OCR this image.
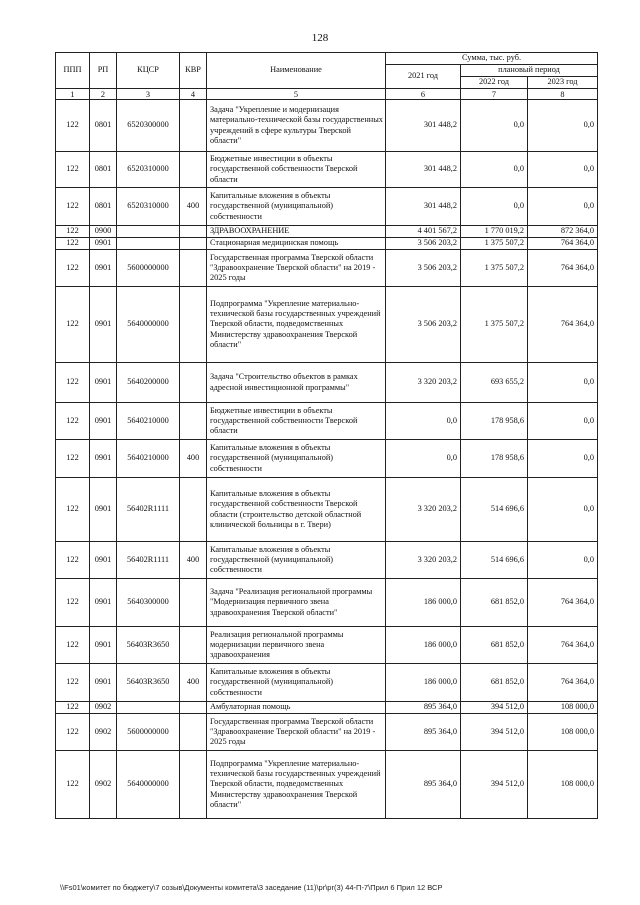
128
ППП	РП	КЦСР	КВР	Наименование	Сумма, тыс. руб.		
					2021 год	плановый период	
						2022 год	2023 год
1	2	3	4	5	6	7	8
122	0801	6520300000		Задача "Укрепление и модернизация материально-технической базы государственных учреждений в сфере культуры Тверской области"	301 448,2	0,0	0,0
122	0801	6520310000		Бюджетные инвестиции в объекты государственной собственности Тверской области	301 448,2	0,0	0,0
122	0801	6520310000	400	Капитальные вложения в объекты государственной (муниципальной) собственности	301 448,2	0,0	0,0
122	0900			ЗДРАВООХРАНЕНИЕ	4 401 567,2	1 770 019,2	872 364,0
122	0901			Стационарная медицинская помощь	3 506 203,2	1 375 507,2	764 364,0
122	0901	5600000000		Государственная программа Тверской области "Здравоохранение Тверской области" на 2019 - 2025 годы	3 506 203,2	1 375 507,2	764 364,0
122	0901	5640000000		Подпрограмма "Укрепление материально-технической базы государственных учреждений Тверской области, подведомственных Министерству здравоохранения Тверской области"	3 506 203,2	1 375 507,2	764 364,0
122	0901	5640200000		Задача "Строительство объектов в рамках адресной инвестиционной программы"	3 320 203,2	693 655,2	0,0
122	0901	5640210000		Бюджетные инвестиции в объекты государственной собственности Тверской области	0,0	178 958,6	0,0
122	0901	5640210000	400	Капитальные вложения в объекты государственной (муниципальной) собственности	0,0	178 958,6	0,0
122	0901	56402R1111		Капитальные вложения в объекты государственной собственности Тверской области (строительство детской областной клинической больницы в г. Твери)	3 320 203,2	514 696,6	0,0
122	0901	56402R1111	400	Капитальные вложения в объекты государственной (муниципальной) собственности	3 320 203,2	514 696,6	0,0
122	0901	5640300000		Задача "Реализация региональной программы "Модернизация первичного звена здравоохранения Тверской области"	186 000,0	681 852,0	764 364,0
122	0901	56403R3650		Реализация региональной программы модернизации первичного звена здравоохранения	186 000,0	681 852,0	764 364,0
122	0901	56403R3650	400	Капитальные вложения в объекты государственной (муниципальной) собственности	186 000,0	681 852,0	764 364,0
122	0902			Амбулаторная помощь	895 364,0	394 512,0	108 000,0
122	0902	5600000000		Государственная программа Тверской области "Здравоохранение Тверской области" на 2019 - 2025 годы	895 364,0	394 512,0	108 000,0
122	0902	5640000000		Подпрограмма "Укрепление материально-технической базы государственных учреждений Тверской области, подведомственных Министерству здравоохранения Тверской области"	895 364,0	394 512,0	108 000,0
\\Fs01\комитет по бюджету\7 созыв\Документы комитета\3 заседание (11)\pr\pr(3) 44-П-7\Прил 6 Прил 12 ВСР
